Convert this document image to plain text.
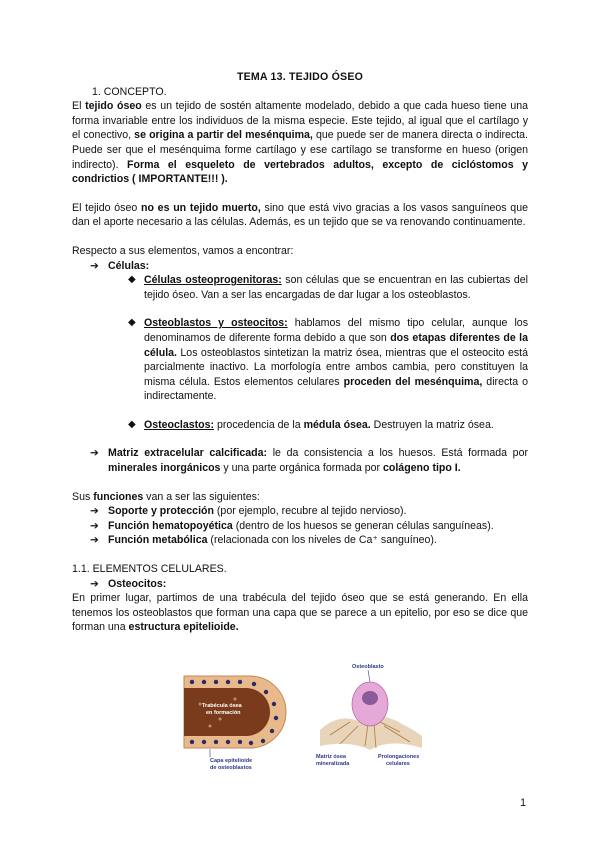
TEMA 13. TEJIDO ÓSEO

1. CONCEPTO.

El tejido óseo es un tejido de sostén altamente modelado, debido a que cada hueso tiene una forma invariable entre los individuos de la misma especie. Este tejido, al igual que el cartílago y el conectivo, se origina a partir del mesénquima, que puede ser de manera directa o indirecta. Puede ser que el mesénquima forme cartílago y ese cartílago se transforme en hueso (origen indirecto). Forma el esqueleto de vertebrados adultos, excepto de ciclóstomos y condrictios ( IMPORTANTE!!! ).

El tejido óseo no es un tejido muerto, sino que está vivo gracias a los vasos sanguíneos que dan el aporte necesario a las células. Además, es un tejido que se va renovando continuamente.

Respecto a sus elementos, vamos a encontrar:

➔ Células:
◆ Células osteoprogenitoras: son células que se encuentran en las cubiertas del tejido óseo. Van a ser las encargadas de dar lugar a los osteoblastos.
◆ Osteoblastos y osteocitos: hablamos del mismo tipo celular, aunque los denominamos de diferente forma debido a que son dos etapas diferentes de la célula. Los osteoblastos sintetizan la matriz ósea, mientras que el osteocito está parcialmente inactivo. La morfología entre ambos cambia, pero constituyen la misma célula. Estos elementos celulares proceden del mesénquima, directa o indirectamente.
◆ Osteoclastos: procedencia de la médula ósea. Destruyen la matriz ósea.
➔ Matriz extracelular calcificada: le da consistencia a los huesos. Está formada por minerales inorgánicos y una parte orgánica formada por colágeno tipo I.

Sus funciones van a ser las siguientes:

➔ Soporte y protección (por ejemplo, recubre al tejido nervioso).
➔ Función hematopoyética (dentro de los huesos se generan células sanguíneas).
➔ Función metabólica (relacionada con los niveles de Ca⁺ sanguíneo).

1.1. ELEMENTOS CELULARES.

➔ Osteocitos:

En primer lugar, partimos de una trabécula del tejido óseo que se está generando. En ella tenemos los osteoblastos que forman una capa que se parece a un epitelio, por eso se dice que forman una estructura epitelioide.

Trabécula ósea
en formación
Capa epitelioide
de osteoblastos
Osteoblasto
Matriz ósea
mineralizada
Prolongaciones
celulares
1
